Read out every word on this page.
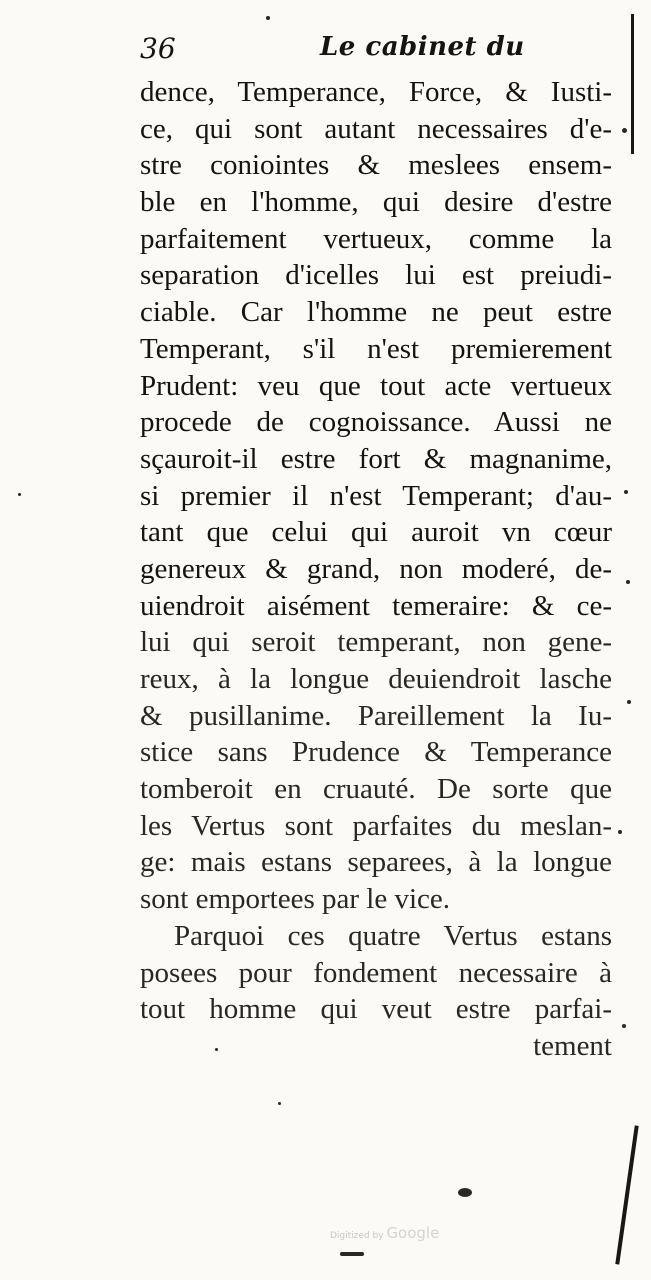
36	Le cabinet du
dence, Temperance, Force, & Iusti-
ce, qui sont autant necessaires d'e-
stre coniointes & meslees ensem-
ble en l'homme, qui desire d'estre
parfaitement vertueux, comme la
separation d'icelles lui est preiudi-
ciable. Car l'homme ne peut estre
Temperant, s'il n'est premierement
Prudent: veu que tout acte vertueux
procede de cognoissance. Aussi ne
sçauroit-il estre fort & magnanime,
si premier il n'est Temperant; d'au-
tant que celui qui auroit vn cœur
genereux & grand, non moderé, de-
uiendroit aisément temeraire: & ce-
lui qui seroit temperant, non gene-
reux, à la longue deuiendroit lasche
& pusillanime. Pareillement la Iu-
stice sans Prudence & Temperance
tomberoit en cruauté. De sorte que
les Vertus sont parfaites du meslan-
ge: mais estans separees, à la longue
sont emportees par le vice.
Parquoi ces quatre Vertus estans
posees pour fondement necessaire à
tout homme qui veut estre parfai-
tement
Digitized by Google
